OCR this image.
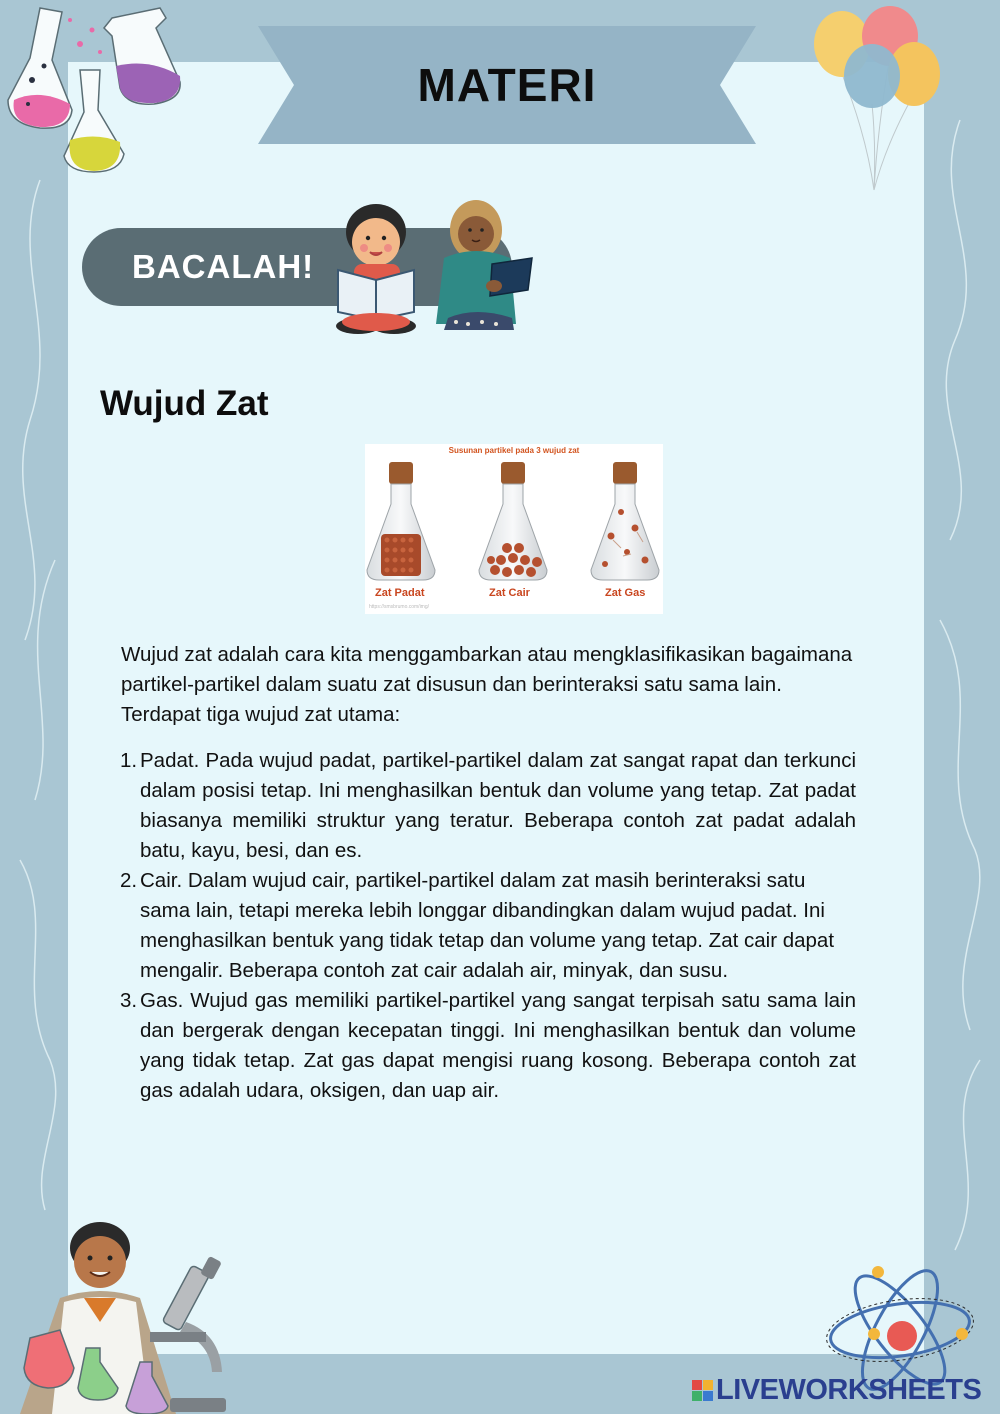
MATERI
BACALAH!
Wujud Zat
Susunan partikel pada 3 wujud zat
Zat Padat	Zat Cair	Zat Gas
https://smsbrumo.com/img/

Wujud zat adalah cara kita menggambarkan atau mengklasifikasikan bagaimana partikel-partikel dalam suatu zat disusun dan berinteraksi satu sama lain. Terdapat tiga wujud zat utama:

1. Padat. Pada wujud padat, partikel-partikel dalam zat sangat rapat dan terkunci dalam posisi tetap. Ini menghasilkan bentuk dan volume yang tetap. Zat padat biasanya memiliki struktur yang teratur. Beberapa contoh zat padat adalah batu, kayu, besi, dan es.
2. Cair. Dalam wujud cair, partikel-partikel dalam zat masih berinteraksi satu sama lain, tetapi mereka lebih longgar dibandingkan dalam wujud padat. Ini menghasilkan bentuk yang tidak tetap dan volume yang tetap. Zat cair dapat mengalir. Beberapa contoh zat cair adalah air, minyak, dan susu.
3. Gas. Wujud gas memiliki partikel-partikel yang sangat terpisah satu sama lain dan bergerak dengan kecepatan tinggi. Ini menghasilkan bentuk dan volume yang tidak tetap. Zat gas dapat mengisi ruang kosong. Beberapa contoh zat gas adalah udara, oksigen, dan uap air.
LIVEWORKSHEETS
